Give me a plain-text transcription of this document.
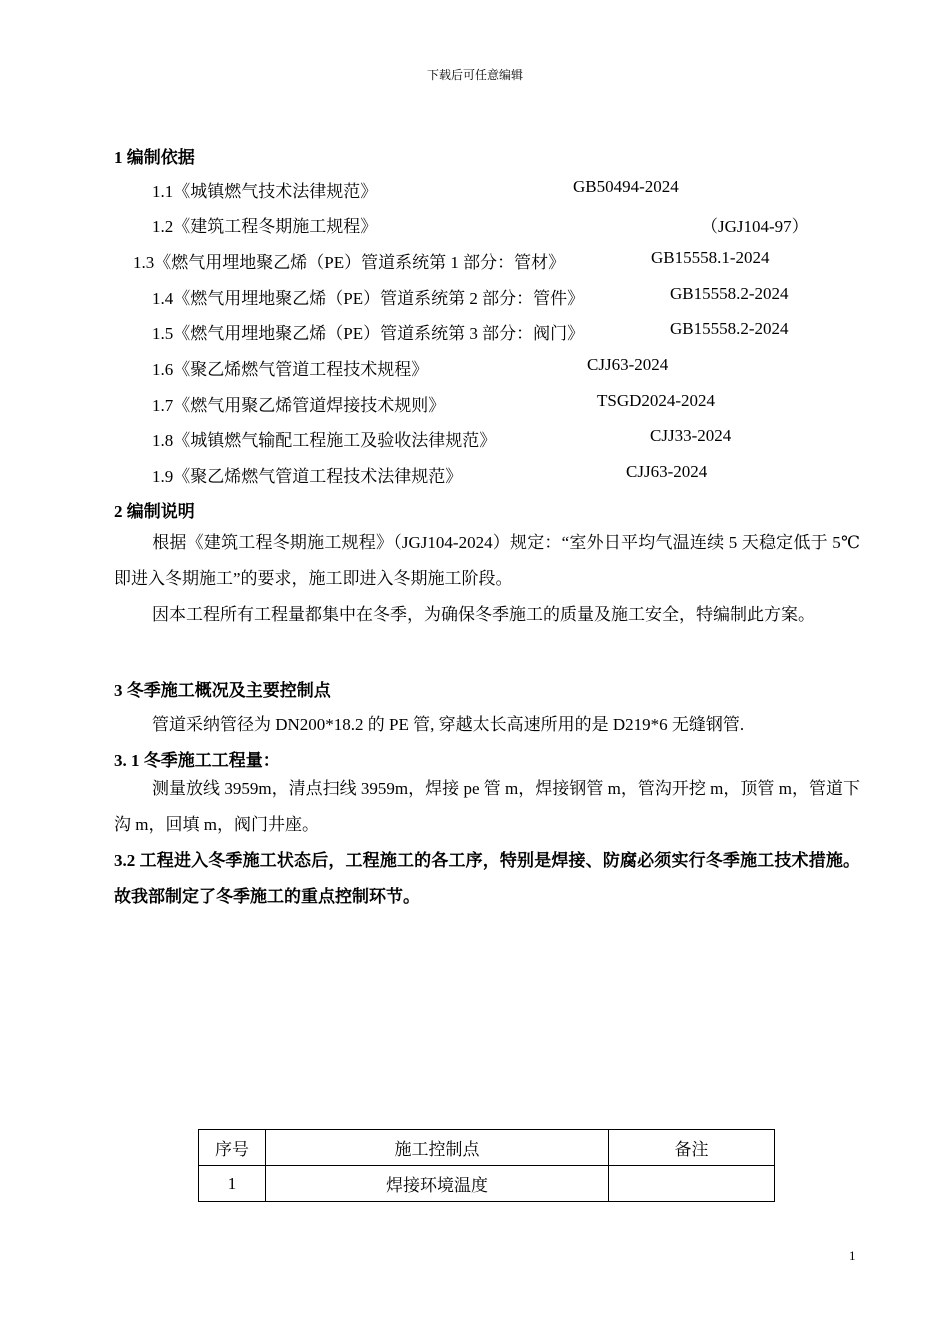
下载后可任意编辑
1 编制依据
1.1《城镇燃气技术法律规范》	GB50494-2024
1.2《建筑工程冬期施工规程》	（JGJ104-97）
1.3《燃气用埋地聚乙烯（PE）管道系统第 1 部分：管材》	GB15558.1-2024
1.4《燃气用埋地聚乙烯（PE）管道系统第 2 部分：管件》	GB15558.2-2024
1.5《燃气用埋地聚乙烯（PE）管道系统第 3 部分：阀门》	GB15558.2-2024
1.6《聚乙烯燃气管道工程技术规程》	CJJ63-2024
1.7《燃气用聚乙烯管道焊接技术规则》	TSGD2024-2024
1.8《城镇燃气输配工程施工及验收法律规范》	CJJ33-2024
1.9《聚乙烯燃气管道工程技术法律规范》	CJJ63-2024
2 编制说明
根据《建筑工程冬期施工规程》（JGJ104-2024）规定：“室外日平均气温连续 5 天稳定低于 5℃即进入冬期施工”的要求，施工即进入冬期施工阶段。
因本工程所有工程量都集中在冬季，为确保冬季施工的质量及施工安全，特编制此方案。
3 冬季施工概况及主要控制点
管道采纳管径为 DN200*18.2 的 PE 管, 穿越太长高速所用的是 D219*6 无缝钢管.
3. 1 冬季施工工程量：
测量放线 3959m，清点扫线 3959m，焊接 pe 管 m，焊接钢管 m，管沟开挖 m，顶管 m，管道下沟 m，回填 m，阀门井座。
3.2 工程进入冬季施工状态后，工程施工的各工序，特别是焊接、防腐必须实行冬季施工技术措施。故我部制定了冬季施工的重点控制环节。
序号	施工控制点	备注
1	焊接环境温度	
1
